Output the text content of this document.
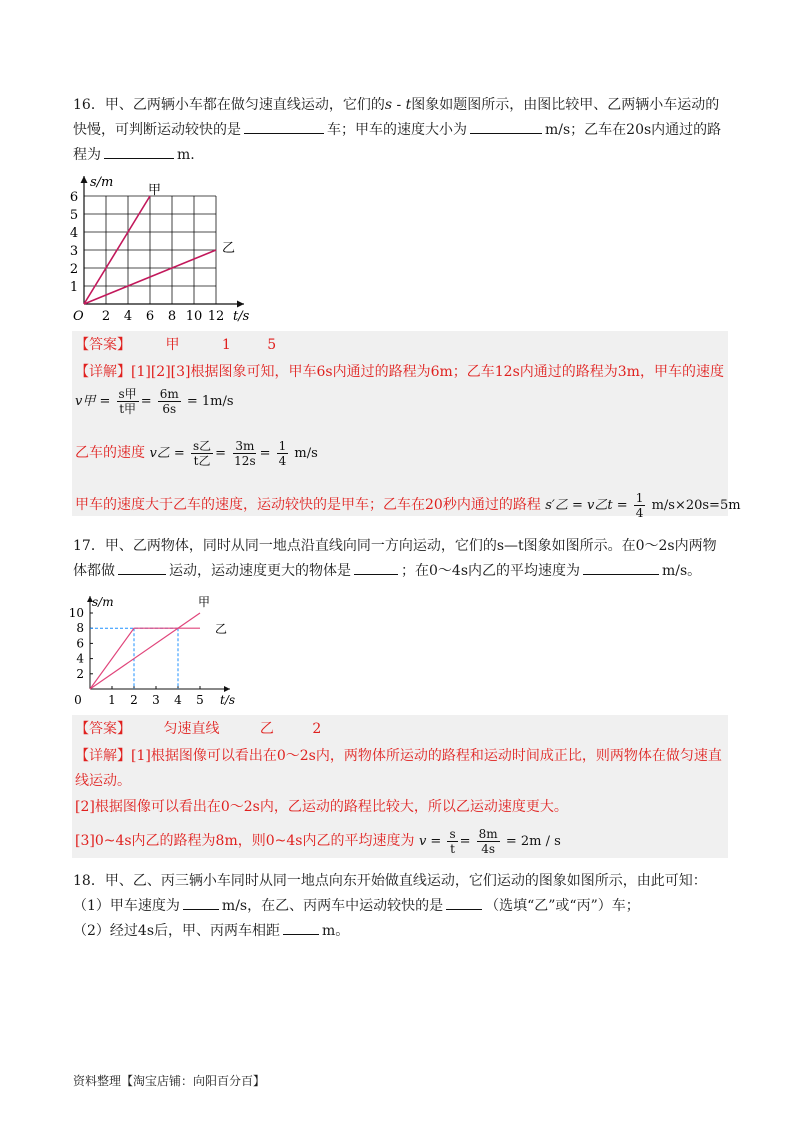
16．甲、乙两辆小车都在做匀速直线运动，它们的s - t图象如题图所示，由图比较甲、乙两辆小车运动的
快慢，可判断运动较快的是	车；甲车的速度大小为	m/s；乙车在20s内通过的路
程为	m.
2 4 6 8 10 12
1
2
3
4
5
6
s/m
t/s
O
甲
乙
【答案】 甲	1	5
【详解】[1][2][3]根据图象可知，甲车6s内通过的路程为6m；乙车12s内通过的路程为3m，甲车的速度
v甲 = $\frac{\text{s甲}}{\text{t甲}} = \frac{6m}{6s} = 1m/s$
乙车的速度 v乙 = $\frac{\text{s乙}}{\text{t乙}} = \frac{3m}{12s} = \frac{1}{4} m/s$
甲车的速度大于乙车的速度，运动较快的是甲车；乙车在20秒内通过的路程 s′乙 = v乙$t = \frac{1}{4} m/s\times 20s=5m$
17．甲、乙两物体，同时从同一地点沿直线向同一方向运动，它们的s—t图象如图所示。在0～2s内两物
体都做	运动，运动速度更大的物体是	；在0～4s内乙的平均速度为	m/s。
0 1 2 3 4 5
2
4
6
8
10
s/m
t/s
甲
乙
【答案】 匀速直线	乙	2
【详解】[1]根据图像可以看出在0～2s内，两物体所运动的路程和运动时间成正比，则两物体在做匀速直
线运动。
[2]根据图像可以看出在0～2s内，乙运动的路程比较大，所以乙运动速度更大。
[3]0~4s内乙的路程为8m，则0~4s内乙的平均速度为 $v = \frac{s}{t} = \frac{8m}{4s} = 2m / s$
18．甲、乙、丙三辆小车同时从同一地点向东开始做直线运动，它们运动的图象如图所示，由此可知：
（1）甲车速度为	m/s，在乙、丙两车中运动较快的是	（选填“乙”或“丙”）车；
（2）经过4s后，甲、丙两车相距	m。
资料整理【淘宝店铺：向阳百分百】
